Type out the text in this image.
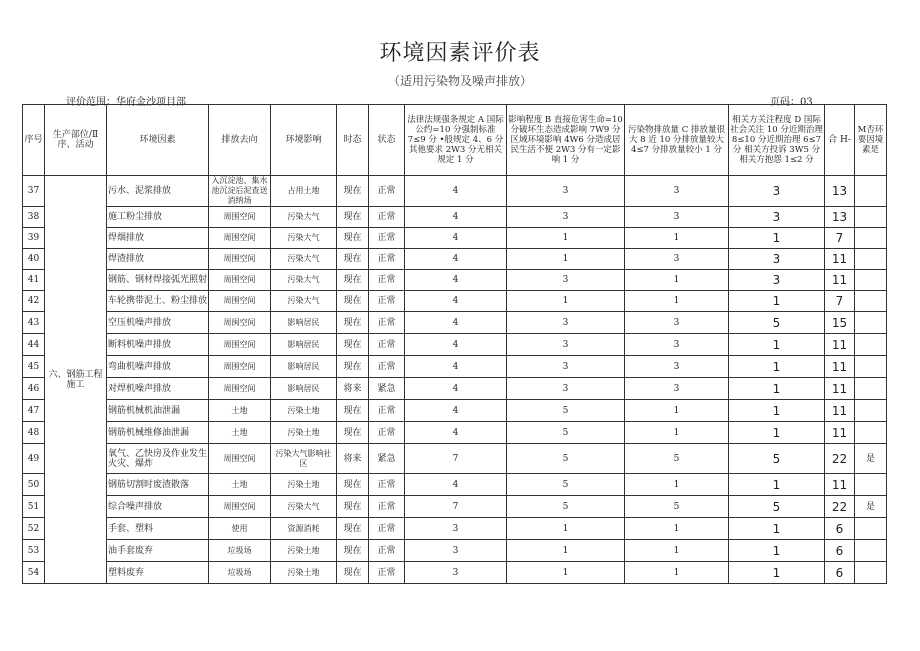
环境因素评价表
（适用污染物及噪声排放）
评价范围：华府金沙项目部	页码：03
序号	生产部位/Ⅱ序、活动	环境因素	排放去向	环境影响	时态	状态	法律法规强条规定 A 国际公约=10 分强制标准 7≤9 分 •般规定 4、6 分 其他要求 2W3 分无相关规定 1 分	影响程度 B 直接危害生命=10 分破坏生态造成影响 7W9 分区域环境影响 4W6 分造成居民生活不便 2W3 分有一定影响 1 分	污染物排放量 C 排放量很大 8 近 10 分排放量较大 4≤7 分排放量较小 1 分	相关方关注程度 D 国际社会关注 10 分近期治理 8≤10 分近期治理 6≤7 分 相关方投诉 3W5 分相关方抱怨 1≤2 分	合 H-	M否环要因境素是
37	六、钢筋工程施工	污水、泥浆排放	入沉淀池、集水池沉淀后泥查送消纳场	占用土地	现在	正常	4	3	3	3	13	
38		施工粉尘排放	周围空间	污染大气	现在	正常	4	3	3	3	13	
39		焊烟排放	周围空间	污染大气	现在	正常	4	1	1	1	7	
40		焊渣排放	周围空间	污染大气	现在	正常	4	1	3	3	11	
41		钢筋、钢材焊接弧光照射	周围空间	污染大气	现在	正常	4	3	1	3	11	
42		车轮携带泥土、粉尘排放	周围空间	污染大气	现在	正常	4	1	1	1	7	
43		空压机噪声排放	周闽空间	影响居民	现在	正常	4	3	3	5	15	
44		断料机噪声排放	周围空间	影响居民	现在	正常	4	3	3	1	11	
45		弯曲机噪声排放	周围空间	影响居民	现在	正常	4	3	3	1	11	
46		对焊机噪声排放	周围空间	影响居民	将来	紧急	4	3	3	1	11	
47		钢筋机械机油泄漏	土地	污染土地	现在	正常	4	5	1	1	11	
48		钢筋机械维修油泄漏	土地	污染土地	现在	正常	4	5	1	1	11	
49		氧气、乙快房及作业发生火灾、爆炸	周围空间	污染大气影响社区	将来	紧急	7	5	5	5	22	是
50		钢筋切割时废渣散落	土地	污染土地	现在	正常	4	5	1	1	11	
51		综合噪声排放	周围空间	污染大气	现在	正常	7	5	5	5	22	是
52		手套、塑料	使用	资源消耗	现在	正常	3	1	1	1	6	
53		油手套废弃	垃圾场	污染土地	现在	正常	3	1	1	1	6	
54		塑料废弃	垃圾场	污染土地	现在	正常	3	1	1	1	6	
